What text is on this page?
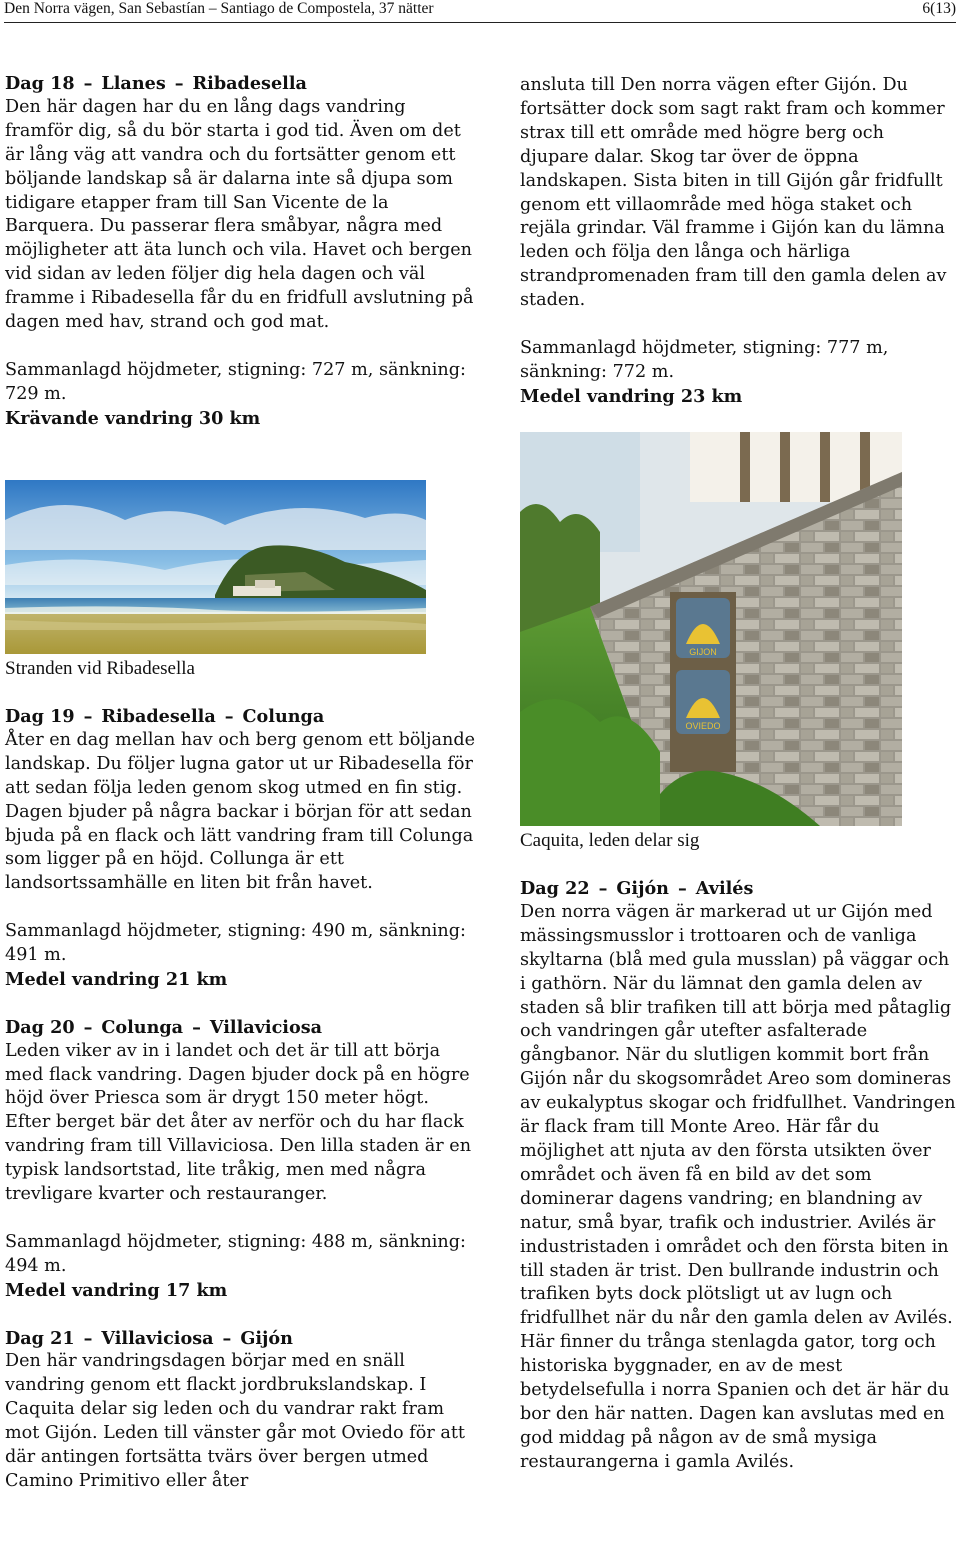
Den Norra vägen, San Sebastían – Santiago de Compostela, 37 nätter	6(13)

Dag 18 – Llanes – Ribadesella

Den här dagen har du en lång dags vandring framför dig, så du bör starta i god tid. Även om det är lång väg att vandra och du fortsätter genom ett böljande landskap så är dalarna inte så djupa som tidigare etapper fram till San Vicente de la Barquera. Du passerar flera småbyar, några med möjligheter att äta lunch och vila. Havet och bergen vid sidan av leden följer dig hela dagen och väl framme i Ribadesella får du en fridfull avslutning på dagen med hav, strand och god mat.

Sammanlagd höjdmeter, stigning: 727 m, sänkning: 729 m.

Krävande vandring 30 km

Stranden vid Ribadesella

Dag 19 – Ribadesella – Colunga

Åter en dag mellan hav och berg genom ett böljande landskap. Du följer lugna gator ut ur Ribadesella för att sedan följa leden genom skog utmed en fin stig. Dagen bjuder på några backar i början för att sedan bjuda på en flack och lätt vandring fram till Colunga som ligger på en höjd. Collunga är ett landsortssamhälle en liten bit från havet.

Sammanlagd höjdmeter, stigning: 490 m, sänkning: 491 m.

Medel vandring 21 km

Dag 20 – Colunga – Villaviciosa

Leden viker av in i landet och det är till att börja med flack vandring. Dagen bjuder dock på en högre höjd över Priesca som är drygt 150 meter högt. Efter berget bär det åter av nerför och du har flack vandring fram till Villaviciosa. Den lilla staden är en typisk landsortstad, lite tråkig, men med några trevligare kvarter och restauranger.

Sammanlagd höjdmeter, stigning: 488 m, sänkning: 494 m.

Medel vandring 17 km

Dag 21 – Villaviciosa – Gijón

Den här vandringsdagen börjar med en snäll vandring genom ett flackt jordbrukslandskap. I Caquita delar sig leden och du vandrar rakt fram mot Gijón. Leden till vänster går mot Oviedo för att där antingen fortsätta tvärs över bergen utmed Camino Primitivo eller åter

ansluta till Den norra vägen efter Gijón. Du fortsätter dock som sagt rakt fram och kommer strax till ett område med högre berg och djupare dalar. Skog tar över de öppna landskapen. Sista biten in till Gijón går fridfullt genom ett villaområde med höga staket och rejäla grindar. Väl framme i Gijón kan du lämna leden och följa den långa och härliga strandpromenaden fram till den gamla delen av staden.

Sammanlagd höjdmeter, stigning: 777 m, sänkning: 772 m.

Medel vandring 23 km

GIJON
OVIEDO
Caquita, leden delar sig

Dag 22 – Gijón – Avilés

Den norra vägen är markerad ut ur Gijón med mässingsmusslor i trottoaren och de vanliga skyltarna (blå med gula musslan) på väggar och i gathörn. När du lämnat den gamla delen av staden så blir trafiken till att börja med påtaglig och vandringen går utefter asfalterade gångbanor. När du slutligen kommit bort från Gijón når du skogsområdet Areo som domineras av eukalyptus skogar och fridfullhet. Vandringen är flack fram till Monte Areo. Här får du möjlighet att njuta av den första utsikten över området och även få en bild av det som dominerar dagens vandring; en blandning av natur, små byar, trafik och industrier. Avilés är industristaden i området och den första biten in till staden är trist. Den bullrande industrin och trafiken byts dock plötsligt ut av lugn och fridfullhet när du når den gamla delen av Avilés. Här finner du trånga stenlagda gator, torg och historiska byggnader, en av de mest betydelsefulla i norra Spanien och det är här du bor den här natten. Dagen kan avslutas med en god middag på någon av de små mysiga restaurangerna i gamla Avilés.
